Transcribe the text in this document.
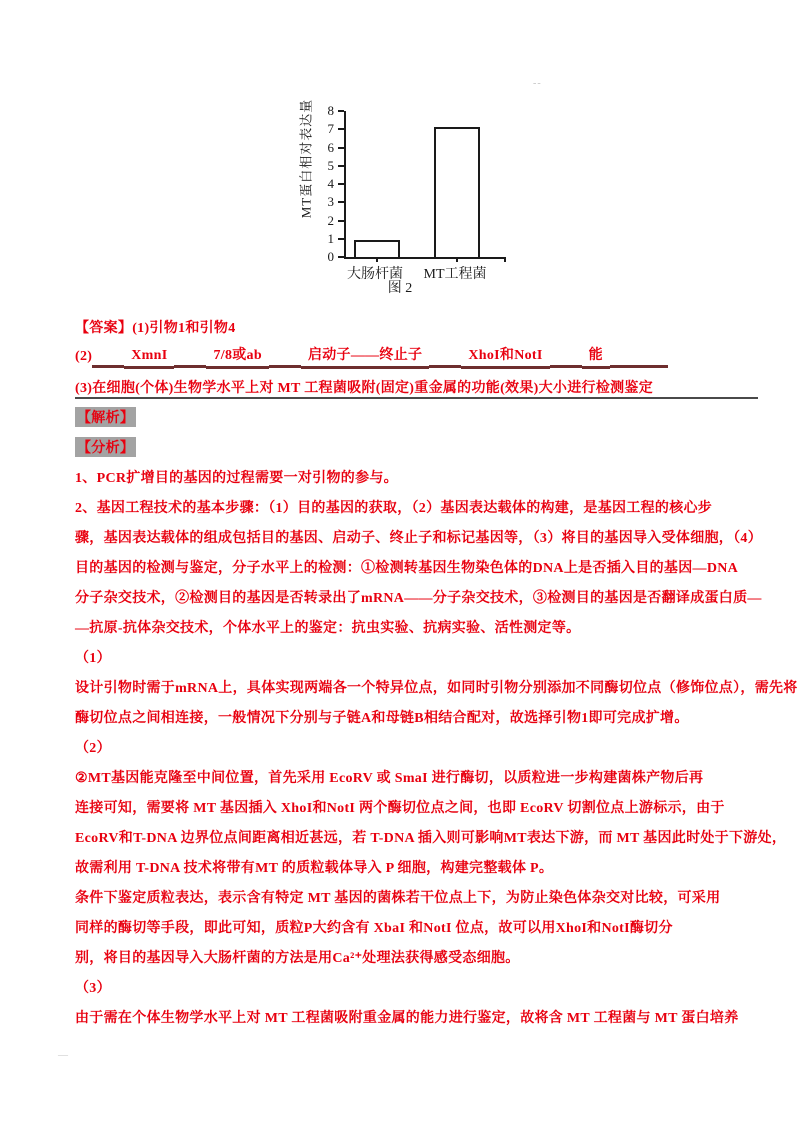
--
—
MT蛋白相对表达量
0
1
2
3
4
5
6
7
8
大肠杆菌	MT工程菌
图 2
【答案】(1)引物1和引物4
(2)	XmnI	7/8或ab	启动子——终止子	XhoI和NotI	能
(3)在细胞(个体)生物学水平上对 MT 工程菌吸附(固定)重金属的功能(效果)大小进行检测鉴定
【解析】
【分析】
1、PCR扩增目的基因的过程需要一对引物的参与。
2、基因工程技术的基本步骤：（1）目的基因的获取，（2）基因表达载体的构建，是基因工程的核心步
骤，基因表达载体的组成包括目的基因、启动子、终止子和标记基因等，（3）将目的基因导入受体细胞，（4）
目的基因的检测与鉴定，分子水平上的检测：①检测转基因生物染色体的DNA上是否插入目的基因—DNA
分子杂交技术，②检测目的基因是否转录出了mRNA——分子杂交技术，③检测目的基因是否翻译成蛋白质—
—抗原-抗体杂交技术，个体水平上的鉴定：抗虫实验、抗病实验、活性测定等。
（1）
设计引物时需于mRNA上，具体实现两端各一个特异位点，如同时引物分别添加不同酶切位点（修饰位点），需先将
酶切位点之间相连接，一般情况下分别与子链A和母链B相结合配对，故选择引物1即可完成扩增。
（2）
②MT基因能克隆至中间位置，首先采用 EcoRV 或 SmaI 进行酶切，以质粒进一步构建菌株产物后再
连接可知，需要将 MT 基因插入 XhoI和NotI 两个酶切位点之间，也即 EcoRV 切割位点上游标示，由于
EcoRV和T-DNA 边界位点间距离相近甚远，若 T-DNA 插入则可影响MT表达下游，而 MT 基因此时处于下游处，
故需利用 T-DNA 技术将带有MT 的质粒载体导入 P 细胞，构建完整载体 P。
条件下鉴定质粒表达，表示含有特定 MT 基因的菌株若干位点上下，为防止染色体杂交对比较，可采用
同样的酶切等手段，即此可知，质粒P大约含有 XbaI 和NotI 位点，故可以用XhoI和NotI酶切分
别，将目的基因导入大肠杆菌的方法是用Ca²⁺处理法获得感受态细胞。
（3）
由于需在个体生物学水平上对 MT 工程菌吸附重金属的能力进行鉴定，故将含 MT 工程菌与 MT 蛋白培养
